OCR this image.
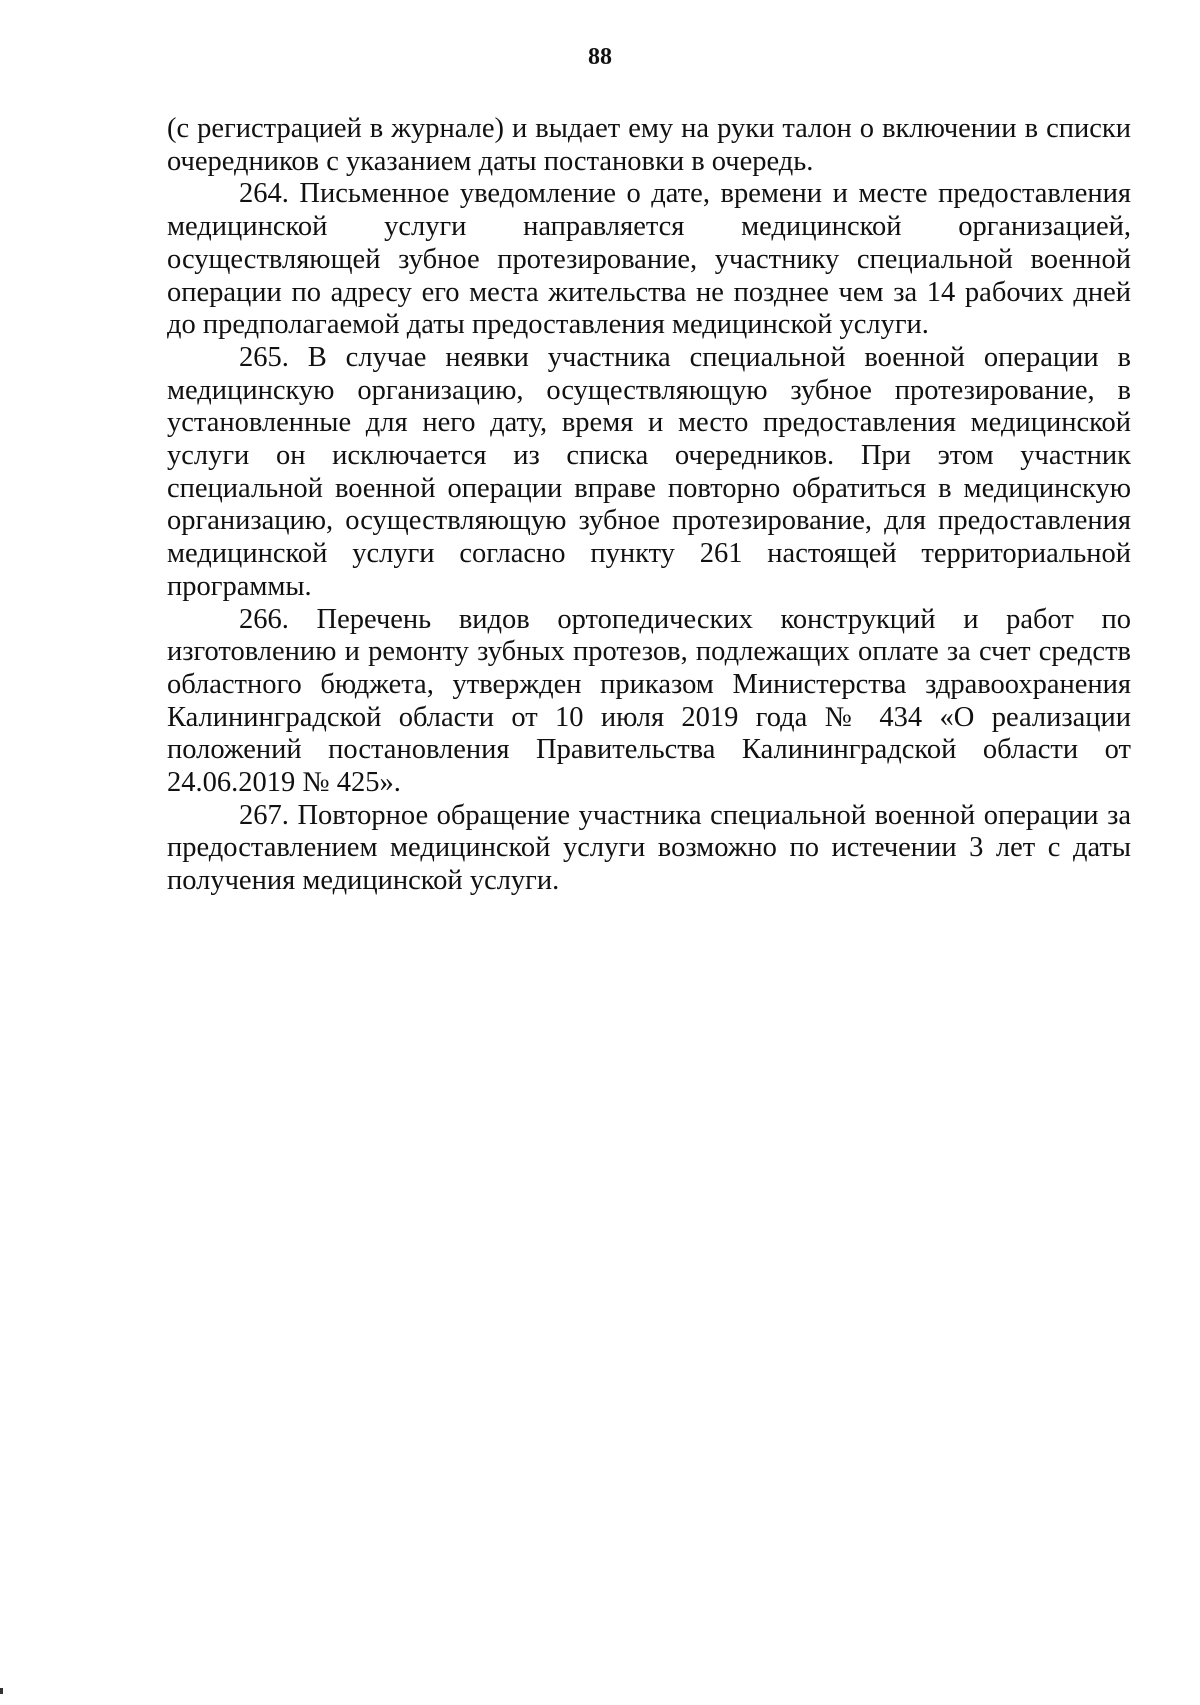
88

(с регистрацией в журнале) и выдает ему на руки талон о включении в списки очередников с указанием даты постановки в очередь.

264. Письменное уведомление о дате, времени и месте предоставления медицинской услуги направляется медицинской организацией, осуществляющей зубное протезирование, участнику специальной военной операции по адресу его места жительства не позднее чем за 14 рабочих дней до предполагаемой даты предоставления медицинской услуги.

265. В случае неявки участника специальной военной операции в медицинскую организацию, осуществляющую зубное протезирование, в установленные для него дату, время и место предоставления медицинской услуги он исключается из списка очередников. При этом участник специальной военной операции вправе повторно обратиться в медицинскую организацию, осуществляющую зубное протезирование, для предоставления медицинской услуги согласно пункту 261 настоящей территориальной программы.

266. Перечень видов ортопедических конструкций и работ по изготовлению и ремонту зубных протезов, подлежащих оплате за счет средств областного бюджета, утвержден приказом Министерства здравоохранения Калининградской области от 10 июля 2019 года № 434 «О реализации положений постановления Правительства Калининградской области от 24.06.2019 № 425».

267. Повторное обращение участника специальной военной операции за предоставлением медицинской услуги возможно по истечении 3 лет с даты получения медицинской услуги.
